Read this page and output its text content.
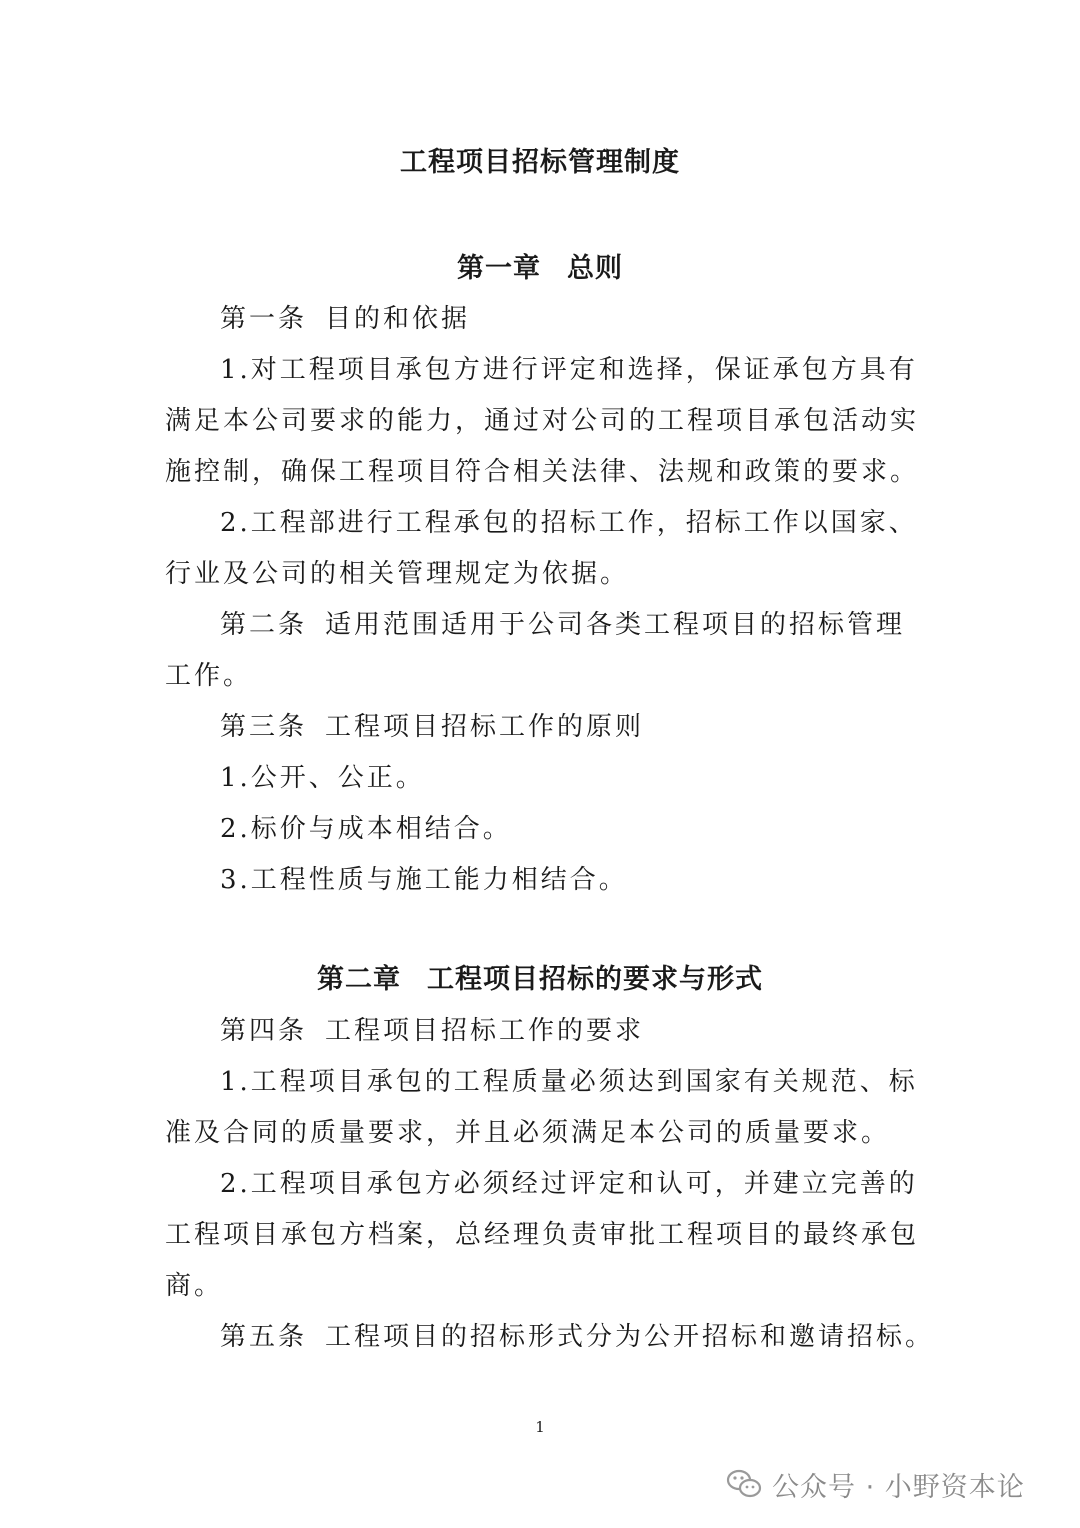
工程项目招标管理制度
第一章 总则
第一条 目的和依据
1.对工程项目承包方进行评定和选择，保证承包方具有
满足本公司要求的能力，通过对公司的工程项目承包活动实
施控制，确保工程项目符合相关法律、法规和政策的要求。
2.工程部进行工程承包的招标工作，招标工作以国家、
行业及公司的相关管理规定为依据。
第二条 适用范围适用于公司各类工程项目的招标管理
工作。
第三条 工程项目招标工作的原则
1.公开、公正。
2.标价与成本相结合。
3.工程性质与施工能力相结合。
第二章 工程项目招标的要求与形式
第四条 工程项目招标工作的要求
1.工程项目承包的工程质量必须达到国家有关规范、标
准及合同的质量要求，并且必须满足本公司的质量要求。
2.工程项目承包方必须经过评定和认可，并建立完善的
工程项目承包方档案，总经理负责审批工程项目的最终承包
商。
第五条 工程项目的招标形式分为公开招标和邀请招标。
1
公众号 · 小野资本论
